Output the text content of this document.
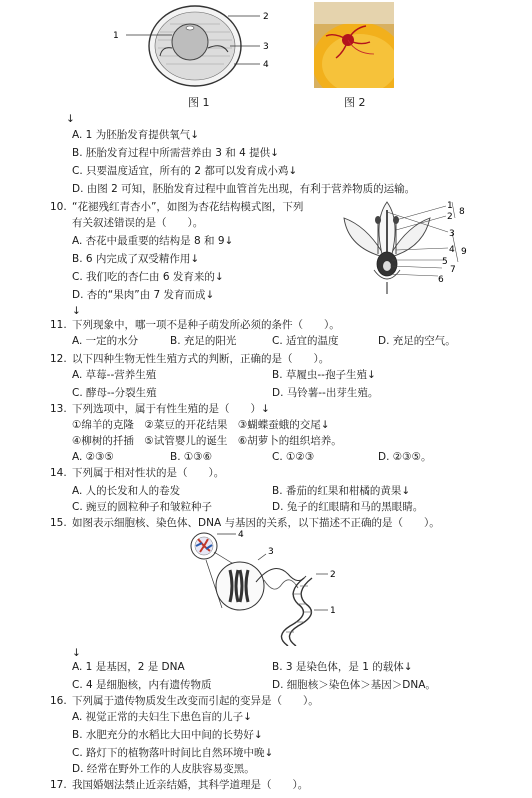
1
2
3
4
图 1	图 2
↓
A. 1 为胚胎发育提供氧气↓
B. 胚胎发育过程中所需营养由 3 和 4 提供↓
C. 只要温度适宜，所有的 2 都可以发育成小鸡↓
D. 由图 2 可知，胚胎发育过程中血管首先出现，有利于营养物质的运输。
10. “花褪残红青杏小”，如图为杏花结构模式图，下列
有关叙述错误的是（　　）。
A. 杏花中最重要的结构是 8 和 9↓
B. 6 内完成了双受精作用↓
C. 我们吃的杏仁由 6 发育来的↓
D. 杏的“果肉”由 7 发育而成↓
↓
1
2 8
3
4 9
5
6
7
11. 下列现象中，哪一项不是种子萌发所必须的条件（　　）。
A. 一定的水分	B. 充足的阳光	C. 适宜的温度	D. 充足的空气。
12. 以下四种生物无性生殖方式的判断，正确的是（　　）。
A. 草莓--营养生殖	B. 草履虫--孢子生殖↓
C. 酵母--分裂生殖	D. 马铃薯--出芽生殖。
13. 下列选项中，属于有性生殖的是（　　）↓
①绵羊的克隆　②菜豆的开花结果　③蝴蝶蚕蛾的交尾↓
④柳树的扦插　⑤试管婴儿的诞生　⑥胡萝卜的组织培养。
A. ②③⑤	B. ①③⑥	C. ①②③	D. ②③⑤。
14. 下列属于相对性状的是（　　）。
A. 人的长发和人的卷发	B. 番茄的红果和柑橘的黄果↓
C. 豌豆的圆粒种子和皱粒种子	D. 兔子的红眼睛和马的黑眼睛。
15. 如图表示细胞核、染色体、DNA 与基因的关系，以下描述不正确的是（　　）。
4
3
2
1
↓
A. 1 是基因，2 是 DNA	B. 3 是染色体，是 1 的载体↓
C. 4 是细胞核，内有遗传物质	D. 细胞核＞染色体＞基因＞DNA。
16. 下列属于遗传物质发生改变而引起的变异是（　　）。
A. 视觉正常的夫妇生下患色盲的儿子↓
B. 水肥充分的水稻比大田中间的长势好↓
C. 路灯下的植物落叶时间比自然环境中晚↓
D. 经常在野外工作的人皮肤容易变黑。
17. 我国婚姻法禁止近亲结婚，其科学道理是（　　）。
